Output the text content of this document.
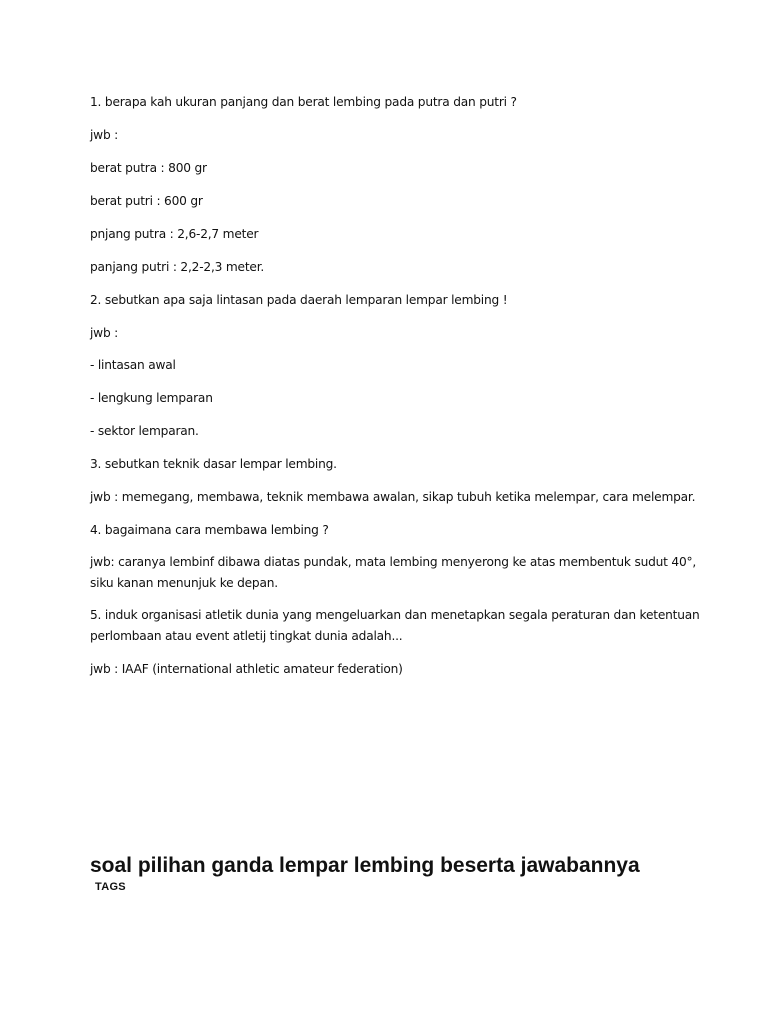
1. berapa kah ukuran panjang dan berat lembing pada putra dan putri ?
jwb :
berat putra : 800 gr
berat putri : 600 gr
pnjang putra : 2,6-2,7 meter
panjang putri : 2,2-2,3 meter.
2. sebutkan apa saja lintasan pada daerah lemparan lempar lembing !
jwb :
- lintasan awal
- lengkung lemparan
- sektor lemparan.
3. sebutkan teknik dasar lempar lembing.
jwb : memegang, membawa, teknik membawa awalan, sikap tubuh ketika melempar, cara melempar.
4. bagaimana cara membawa lembing ?
jwb: caranya lembinf dibawa diatas pundak, mata lembing menyerong ke atas membentuk sudut 40°,
siku kanan menunjuk ke depan.
5. induk organisasi atletik dunia yang mengeluarkan dan menetapkan segala peraturan dan ketentuan
perlombaan atau event atletij tingkat dunia adalah...
jwb : IAAF (international athletic amateur federation)
soal pilihan ganda lempar lembing beserta jawabannya
TAGS
